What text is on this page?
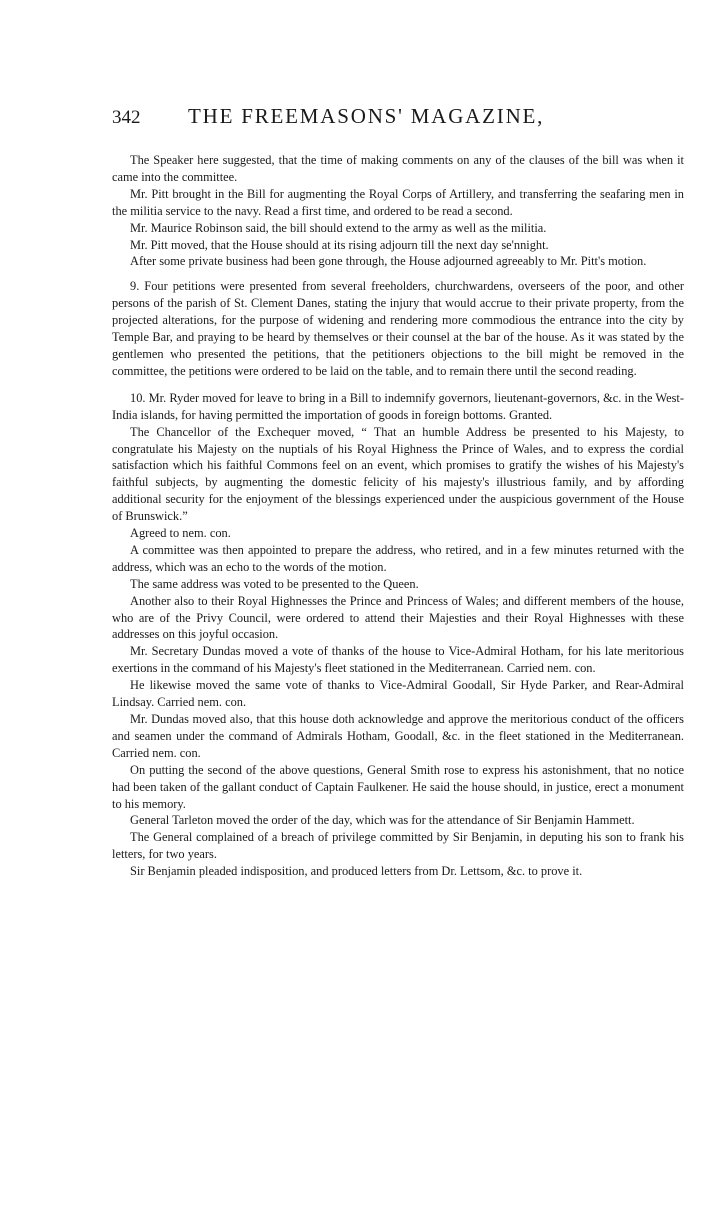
342	THE FREEMASONS' MAGAZINE,

The Speaker here suggested, that the time of making comments on any of the clauses of the bill was when it came into the committee.

Mr. Pitt brought in the Bill for augmenting the Royal Corps of Artillery, and transferring the seafaring men in the militia service to the navy. Read a first time, and ordered to be read a second.

Mr. Maurice Robinson said, the bill should extend to the army as well as the militia.

Mr. Pitt moved, that the House should at its rising adjourn till the next day se'nnight.

After some private business had been gone through, the House adjourned agreeably to Mr. Pitt's motion.

9. Four petitions were presented from several freeholders, churchwardens, overseers of the poor, and other persons of the parish of St. Clement Danes, stating the injury that would accrue to their private property, from the projected alterations, for the purpose of widening and rendering more commodious the entrance into the city by Temple Bar, and praying to be heard by themselves or their counsel at the bar of the house. As it was stated by the gentlemen who presented the petitions, that the petitioners objections to the bill might be removed in the committee, the petitions were ordered to be laid on the table, and to remain there until the second reading.

10. Mr. Ryder moved for leave to bring in a Bill to indemnify governors, lieutenant-governors, &c. in the West-India islands, for having permitted the importation of goods in foreign bottoms. Granted.

The Chancellor of the Exchequer moved, “ That an humble Address be presented to his Majesty, to congratulate his Majesty on the nuptials of his Royal Highness the Prince of Wales, and to express the cordial satisfaction which his faithful Commons feel on an event, which promises to gratify the wishes of his Majesty's faithful subjects, by augmenting the domestic felicity of his majesty's illustrious family, and by affording additional security for the enjoyment of the blessings experienced under the auspicious government of the House of Brunswick.”

Agreed to nem. con.

A committee was then appointed to prepare the address, who retired, and in a few minutes returned with the address, which was an echo to the words of the motion.

The same address was voted to be presented to the Queen.

Another also to their Royal Highnesses the Prince and Princess of Wales; and different members of the house, who are of the Privy Council, were ordered to attend their Majesties and their Royal Highnesses with these addresses on this joyful occasion.

Mr. Secretary Dundas moved a vote of thanks of the house to Vice-Admiral Hotham, for his late meritorious exertions in the command of his Majesty's fleet stationed in the Mediterranean. Carried nem. con.

He likewise moved the same vote of thanks to Vice-Admiral Goodall, Sir Hyde Parker, and Rear-Admiral Lindsay. Carried nem. con.

Mr. Dundas moved also, that this house doth acknowledge and approve the meritorious conduct of the officers and seamen under the command of Admirals Hotham, Goodall, &c. in the fleet stationed in the Mediterranean. Carried nem. con.

On putting the second of the above questions, General Smith rose to express his astonishment, that no notice had been taken of the gallant conduct of Captain Faulkener. He said the house should, in justice, erect a monument to his memory.

General Tarleton moved the order of the day, which was for the attendance of Sir Benjamin Hammett.

The General complained of a breach of privilege committed by Sir Benjamin, in deputing his son to frank his letters, for two years.

Sir Benjamin pleaded indisposition, and produced letters from Dr. Lettsom, &c. to prove it.
